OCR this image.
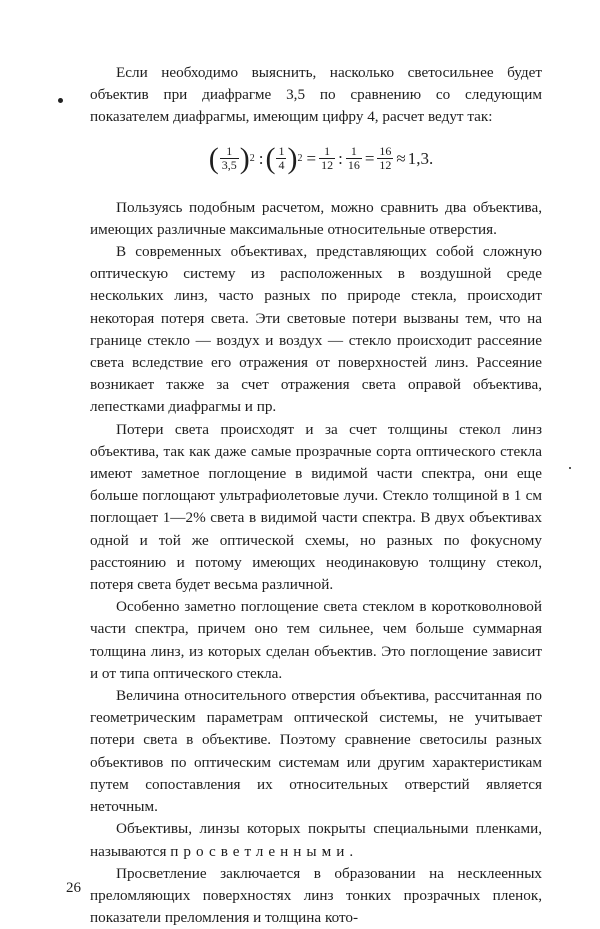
Если необходимо выяснить, насколько светосильнее будет объектив при диафрагме 3,5 по сравнению со следующим показателем диафрагмы, имеющим цифру 4, расчет ведут так:

( $\frac{1}{3,5}$ ) 2 : ( $\frac{1}{4}$ ) $2 = \frac{1}{12}$ : $\frac{1}{16} = \frac{16}{12} \approx 1,3$.

Пользуясь подобным расчетом, можно сравнить два объектива, имеющих различные максимальные относительные отверстия.

В современных объективах, представляющих собой сложную оптическую систему из расположенных в воздушной среде нескольких линз, часто разных по природе стекла, происходит некоторая потеря света. Эти световые потери вызваны тем, что на границе стекло — воздух и воздух — стекло происходит рассеяние света вследствие его отражения от поверхностей линз. Рассеяние возникает также за счет отражения света оправой объектива, лепестками диафрагмы и пр.

Потери света происходят и за счет толщины стекол линз объектива, так как даже самые прозрачные сорта оптического стекла имеют заметное поглощение в видимой части спектра, они еще больше поглощают ультрафиолетовые лучи. Стекло толщиной в 1 см поглощает 1—2% света в видимой части спектра. В двух объективах одной и той же оптической схемы, но разных по фокусному расстоянию и потому имеющих неодинаковую толщину стекол, потеря света будет весьма различной.

Особенно заметно поглощение света стеклом в коротковолновой части спектра, причем оно тем сильнее, чем больше суммарная толщина линз, из которых сделан объектив. Это поглощение зависит и от типа оптического стекла.

Величина относительного отверстия объектива, рассчитанная по геометрическим параметрам оптической системы, не учитывает потери света в объективе. Поэтому сравнение светосилы разных объективов по оптическим системам или другим характеристикам путем сопоставления их относительных отверстий является неточным.

Объективы, линзы которых покрыты специальными пленками, называются просветленными.

Просветление заключается в образовании на несклеенных преломляющих поверхностях линз тонких прозрачных пленок, показатели преломления и толщина кото-

26
